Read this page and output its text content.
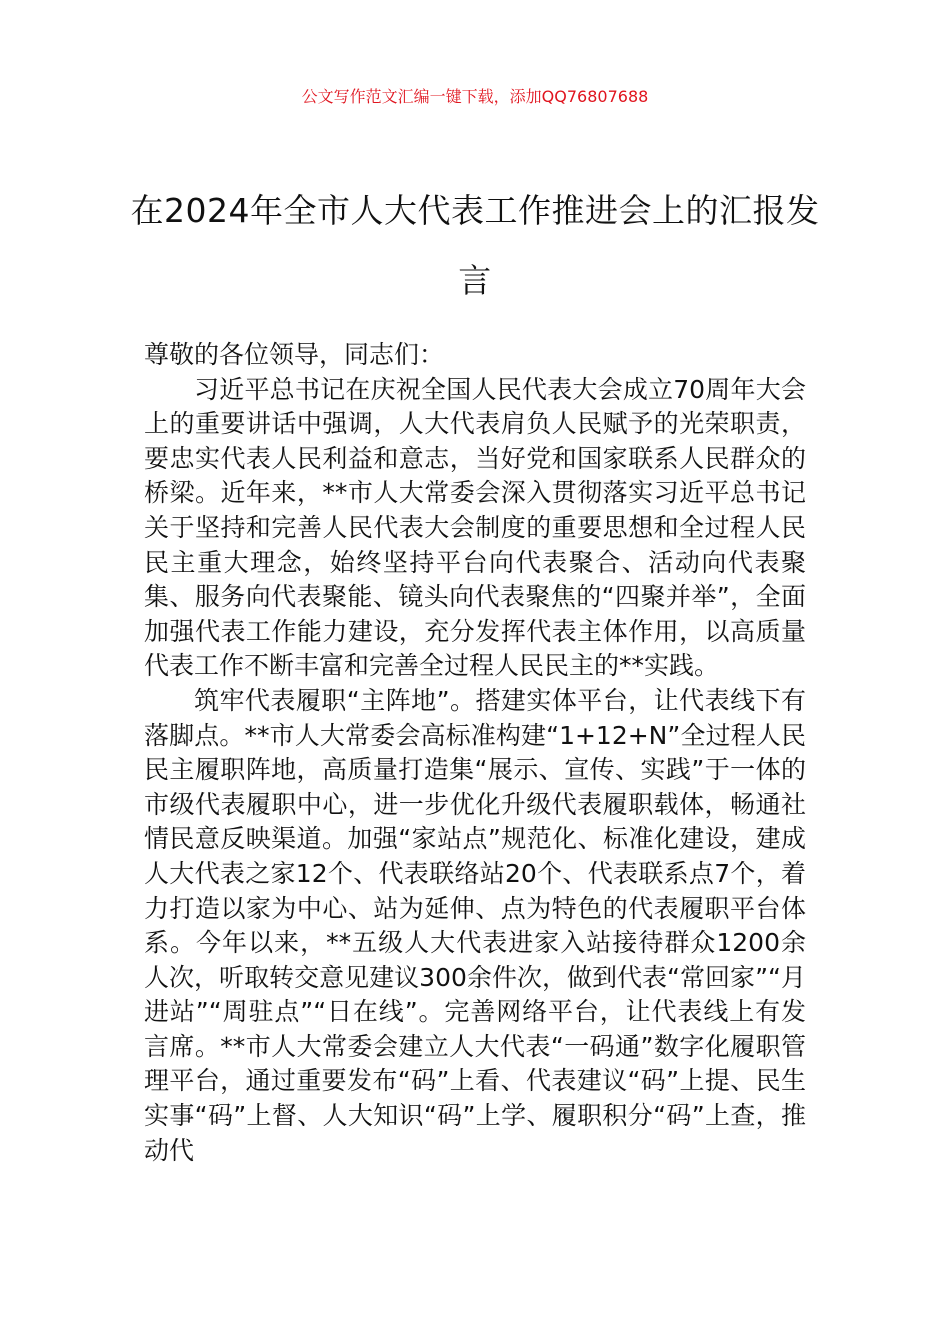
公文写作范文汇编一键下载，添加QQ76807688
在2024年全市人大代表工作推进会上的汇报发言

尊敬的各位领导，同志们：

习近平总书记在庆祝全国人民代表大会成立70周年大会上的重要讲话中强调，人大代表肩负人民赋予的光荣职责，要忠实代表人民利益和意志，当好党和国家联系人民群众的桥梁。近年来，**市人大常委会深入贯彻落实习近平总书记关于坚持和完善人民代表大会制度的重要思想和全过程人民民主重大理念，始终坚持平台向代表聚合、活动向代表聚集、服务向代表聚能、镜头向代表聚焦的“四聚并举”，全面加强代表工作能力建设，充分发挥代表主体作用，以高质量代表工作不断丰富和完善全过程人民民主的**实践。

筑牢代表履职“主阵地”。搭建实体平台，让代表线下有落脚点。**市人大常委会高标准构建“1+12+N”全过程人民民主履职阵地，高质量打造集“展示、宣传、实践”于一体的市级代表履职中心，进一步优化升级代表履职载体，畅通社情民意反映渠道。加强“家站点”规范化、标准化建设，建成人大代表之家12个、代表联络站20个、代表联系点7个，着力打造以家为中心、站为延伸、点为特色的代表履职平台体系。今年以来，**五级人大代表进家入站接待群众1200余人次，听取转交意见建议300余件次，做到代表“常回家”“月进站”“周驻点”“日在线”。完善网络平台，让代表线上有发言席。**市人大常委会建立人大代表“一码通”数字化履职管理平台，通过重要发布“码”上看、代表建议“码”上提、民生实事“码”上督、人大知识“码”上学、履职积分“码”上查，推动代
